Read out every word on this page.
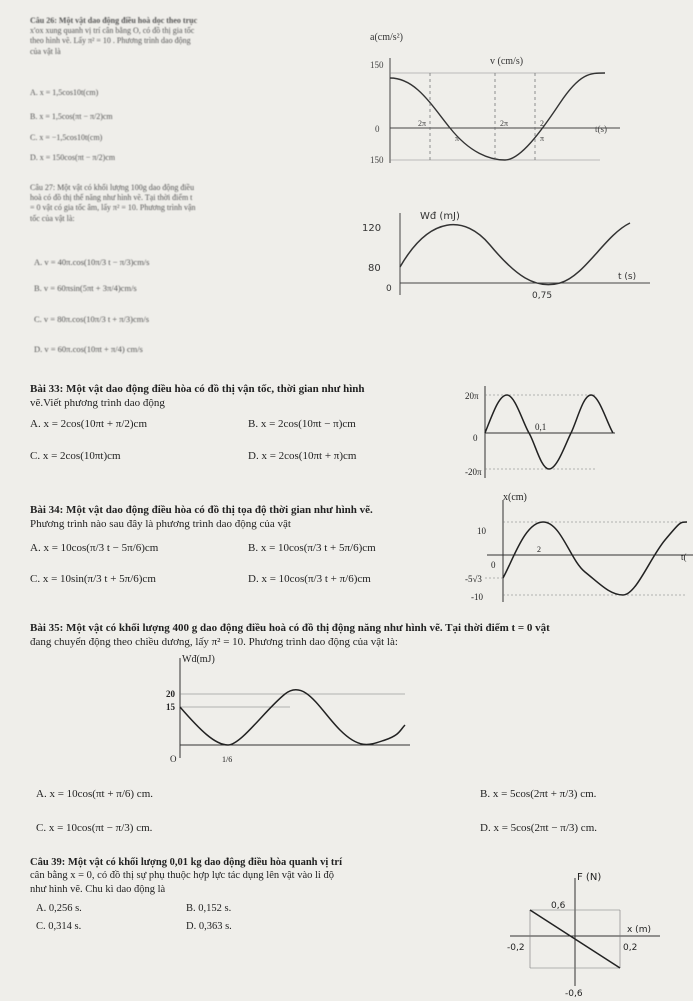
Câu 26: Một vật dao động điều hoà dọc theo trục

x'ox xung quanh vị trí cân bằng O, có đồ thị gia tốc

theo hình vẽ. Lấy π² = 10 . Phương trình dao động

của vật là

A. x = 1,5cos10t(cm)
B. x = 1,5cos(πt − π/2)cm
C. x = −1,5cos10t(cm)
D. x = 150cos(πt − π/2)cm
a(cm/s²)
v (cm/s)
150
150
0	t(s)
2π
π
2π	2
π

Câu 27: Một vật có khối lượng 100g dao động điều

hoà có đồ thị thế năng như hình vẽ. Tại thời điểm t

= 0 vật có gia tốc âm, lấy π² = 10. Phương trình vận

tốc của vật là:

A. v = 40π.cos(10π/3 t − π/3)cm/s
B. v = 60πsin(5πt + 3π/4)cm/s
C. v = 80π.cos(10π/3 t + π/3)cm/s
D. v = 60π.cos(10πt + π/4) cm/s
Wđ (mJ)
120
80
0
t (s)
0,75

Bài 33: Một vật dao động điều hòa có đồ thị vận tốc, thời gian như hình

vẽ.Viết phương trình dao động

A. x = 2cos(10πt + π/2)cm	B. x = 2cos(10πt − π)cm
C. x = 2cos(10πt)cm	D. x = 2cos(10πt + π)cm
20π
-20π
0
0,1

Bài 34: Một vật dao động điều hòa có đồ thị tọa độ thời gian như hình vẽ.

Phương trình nào sau đây là phương trình dao động của vật

A. x = 10cos(π/3 t − 5π/6)cm	B. x = 10cos(π/3 t + 5π/6)cm
C. x = 10sin(π/3 t + 5π/6)cm	D. x = 10cos(π/3 t + π/6)cm
x(cm)
10
-5√3
-10
0
2
t(

Bài 35: Một vật có khối lượng 400 g dao động điều hoà có đồ thị động năng như hình vẽ. Tại thời điểm t = 0 vật

đang chuyển động theo chiều dương, lấy π² = 10. Phương trình dao động của vật là:

Wđ(mJ)
20
15
O	1/6
A. x = 10cos(πt + π/6) cm.	B. x = 5cos(2πt + π/3) cm.
C. x = 10cos(πt − π/3) cm.	D. x = 5cos(2πt − π/3) cm.

Câu 39: Một vật có khối lượng 0,01 kg dao động điều hòa quanh vị trí

cân bằng x = 0, có đồ thị sự phụ thuộc hợp lực tác dụng lên vật vào li độ

như hình vẽ. Chu kì dao động là

A. 0,256 s.	B. 0,152 s.
C. 0,314 s.	D. 0,363 s.
F (N)
0,6
-0,6
-0,2	0,2
x (m)
